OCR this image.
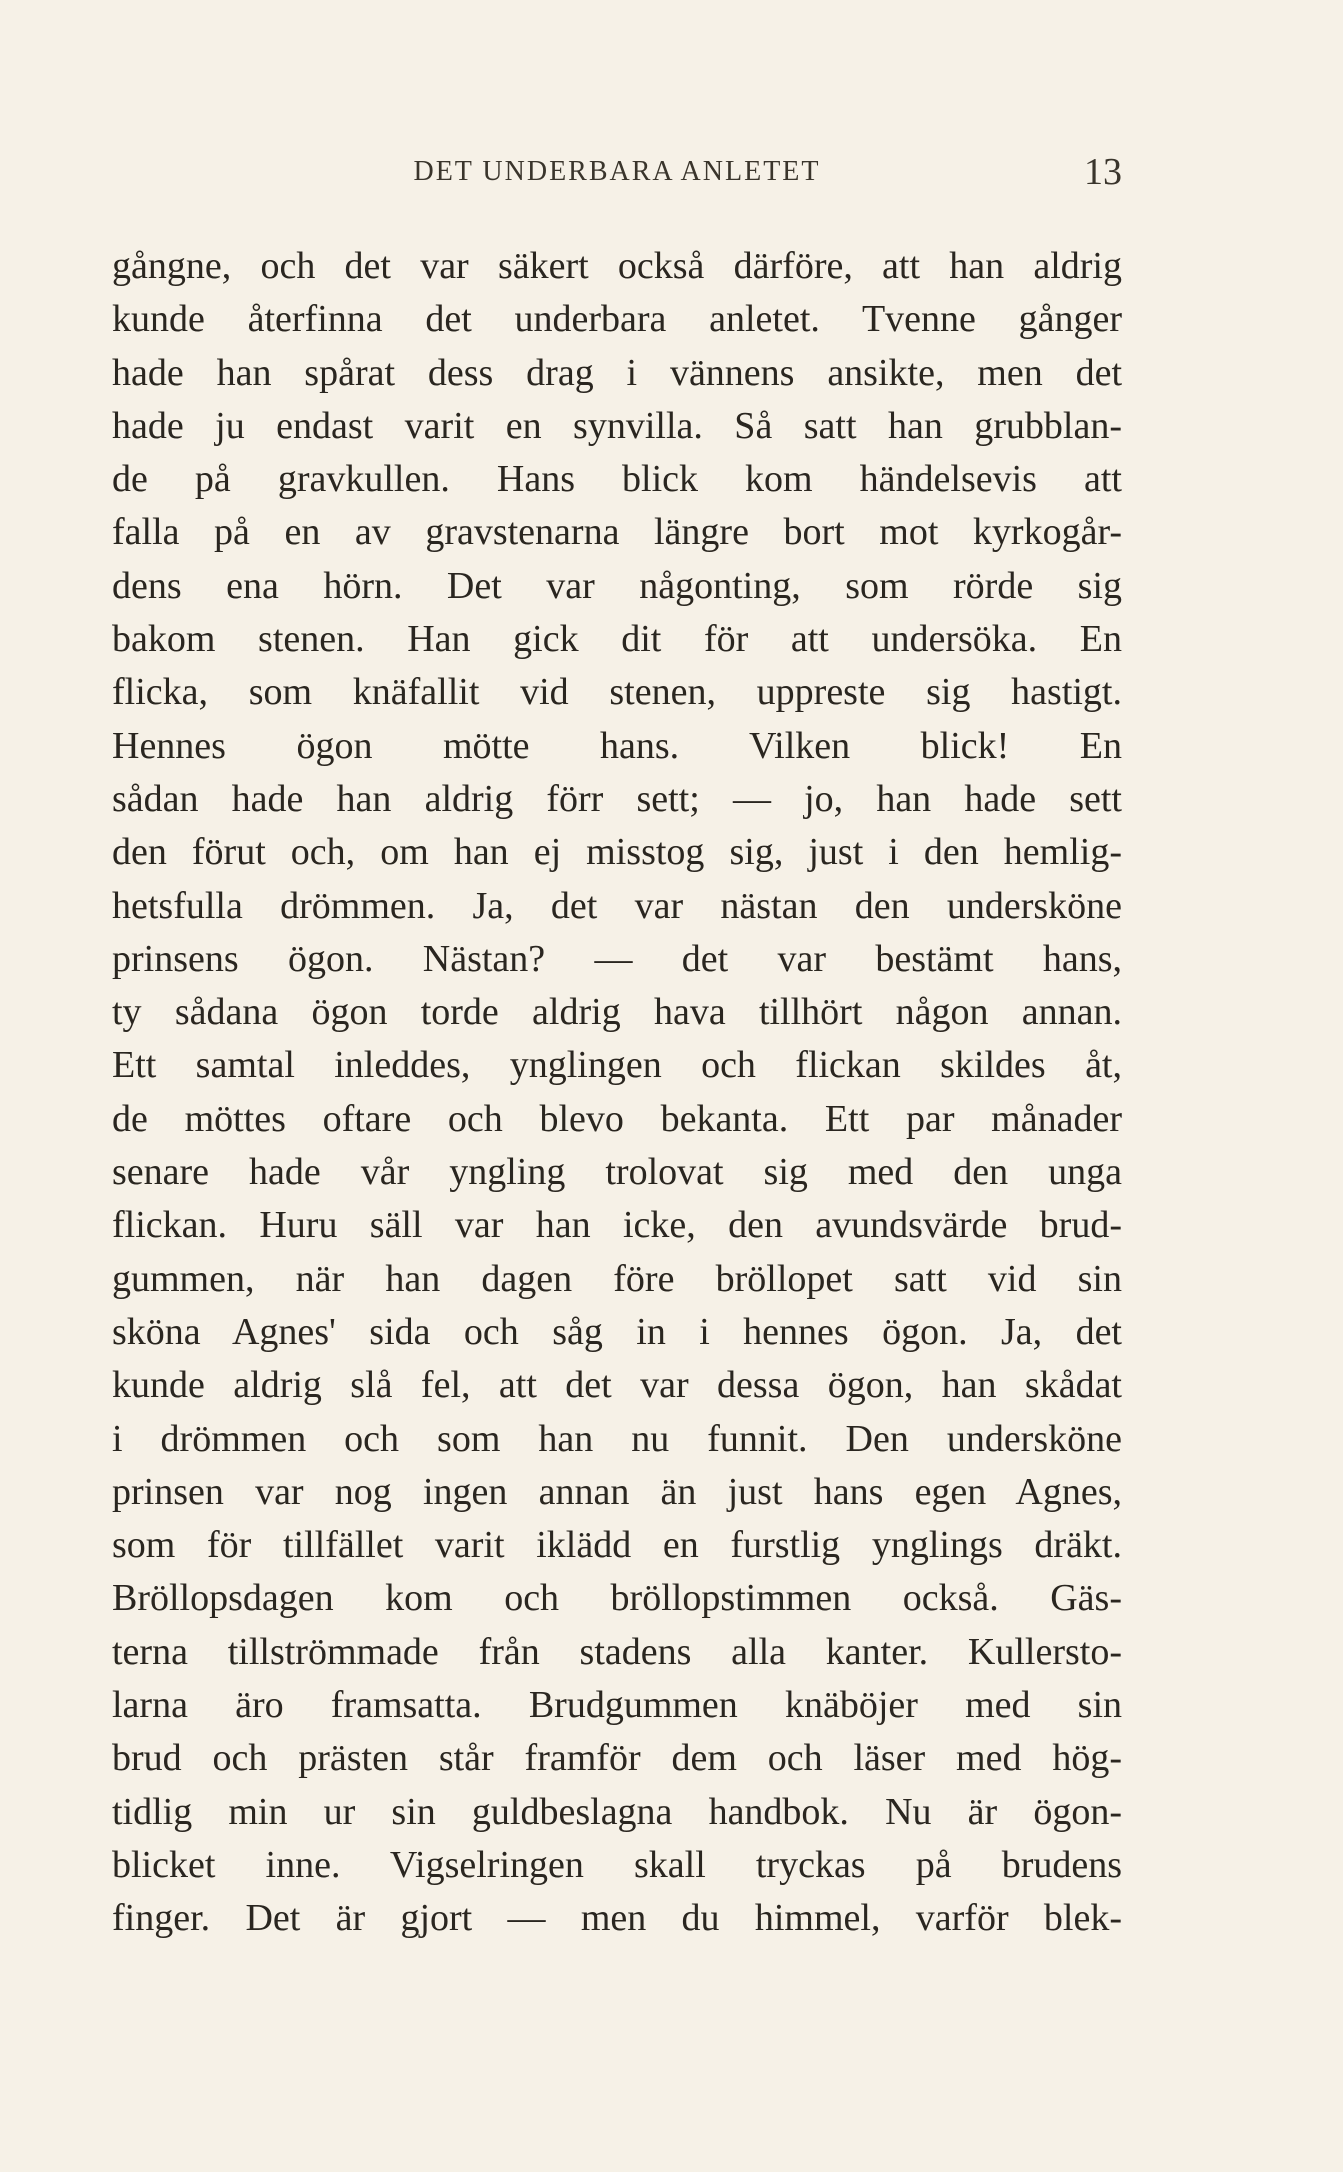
DET UNDERBARA ANLETET	13
gångne, och det var säkert också därföre, att han aldrig
kunde återfinna det underbara anletet. Tvenne gånger
hade han spårat dess drag i vännens ansikte, men det
hade ju endast varit en synvilla. Så satt han grubblan-
de på gravkullen. Hans blick kom händelsevis att
falla på en av gravstenarna längre bort mot kyrkogår-
dens ena hörn. Det var någonting, som rörde sig
bakom stenen. Han gick dit för att undersöka. En
flicka, som knäfallit vid stenen, uppreste sig hastigt.
Hennes ögon mötte hans. Vilken blick! En
sådan hade han aldrig förr sett; — jo, han hade sett
den förut och, om han ej misstog sig, just i den hemlig-
hetsfulla drömmen. Ja, det var nästan den underskönе
prinsens ögon. Nästan? — det var bestämt hans,
ty sådana ögon torde aldrig hava tillhört någon annan.
Ett samtal inleddes, ynglingen och flickan skildes åt,
de möttes oftare och blevo bekanta. Ett par månader
senare hade vår yngling trolovat sig med den unga
flickan. Huru säll var han icke, den avundsvärde brud-
gummen, när han dagen före bröllopet satt vid sin
sköna Agnes' sida och såg in i hennes ögon. Ja, det
kunde aldrig slå fel, att det var dessa ögon, han skådat
i drömmen och som han nu funnit. Den underskönе
prinsen var nog ingen annan än just hans egen Agnes,
som för tillfället varit iklädd en furstlig ynglings dräkt.
Bröllopsdagen kom och bröllopstimmen också. Gäs-
terna tillströmmade från stadens alla kanter. Kullersto-
larna äro framsatta. Brudgummen knäböjer med sin
brud och prästen står framför dem och läser med hög-
tidlig min ur sin guldbeslagna handbok. Nu är ögon-
blicket inne. Vigselringen skall tryckas på brudens
finger. Det är gjort — men du himmel, varför blek-
